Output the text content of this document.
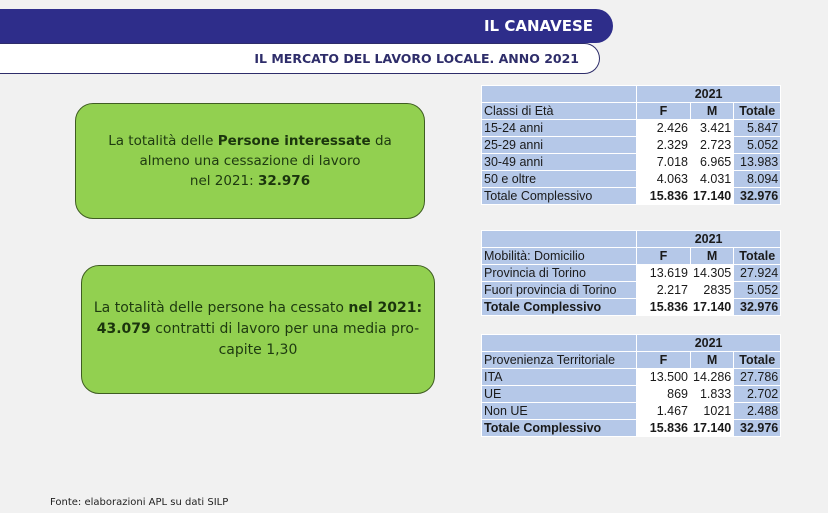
IL CANAVESE
IL MERCATO DEL LAVORO LOCALE. ANNO 2021
La totalità delle Persone interessate da
almeno una cessazione di lavoro
nel 2021: 32.976
La totalità delle persone ha cessato nel 2021:
43.079 contratti di lavoro per una media pro-
capite 1,30
	2021		
Classi di Età	F	M	Totale
15-24 anni	2.426	3.421	5.847
25-29 anni	2.329	2.723	5.052
30-49 anni	7.018	6.965	13.983
50 e oltre	4.063	4.031	8.094
Totale Complessivo	15.836	17.140	32.976
	2021		
Mobilità: Domicilio	F	M	Totale
Provincia di Torino	13.619	14.305	27.924
Fuori provincia di Torino	2.217	2835	5.052
Totale Complessivo	15.836	17.140	32.976
	2021		
Provenienza Territoriale	F	M	Totale
ITA	13.500	14.286	27.786
UE	869	1.833	2.702
Non UE	1.467	1021	2.488
Totale Complessivo	15.836	17.140	32.976
Fonte: elaborazioni APL su dati SILP
